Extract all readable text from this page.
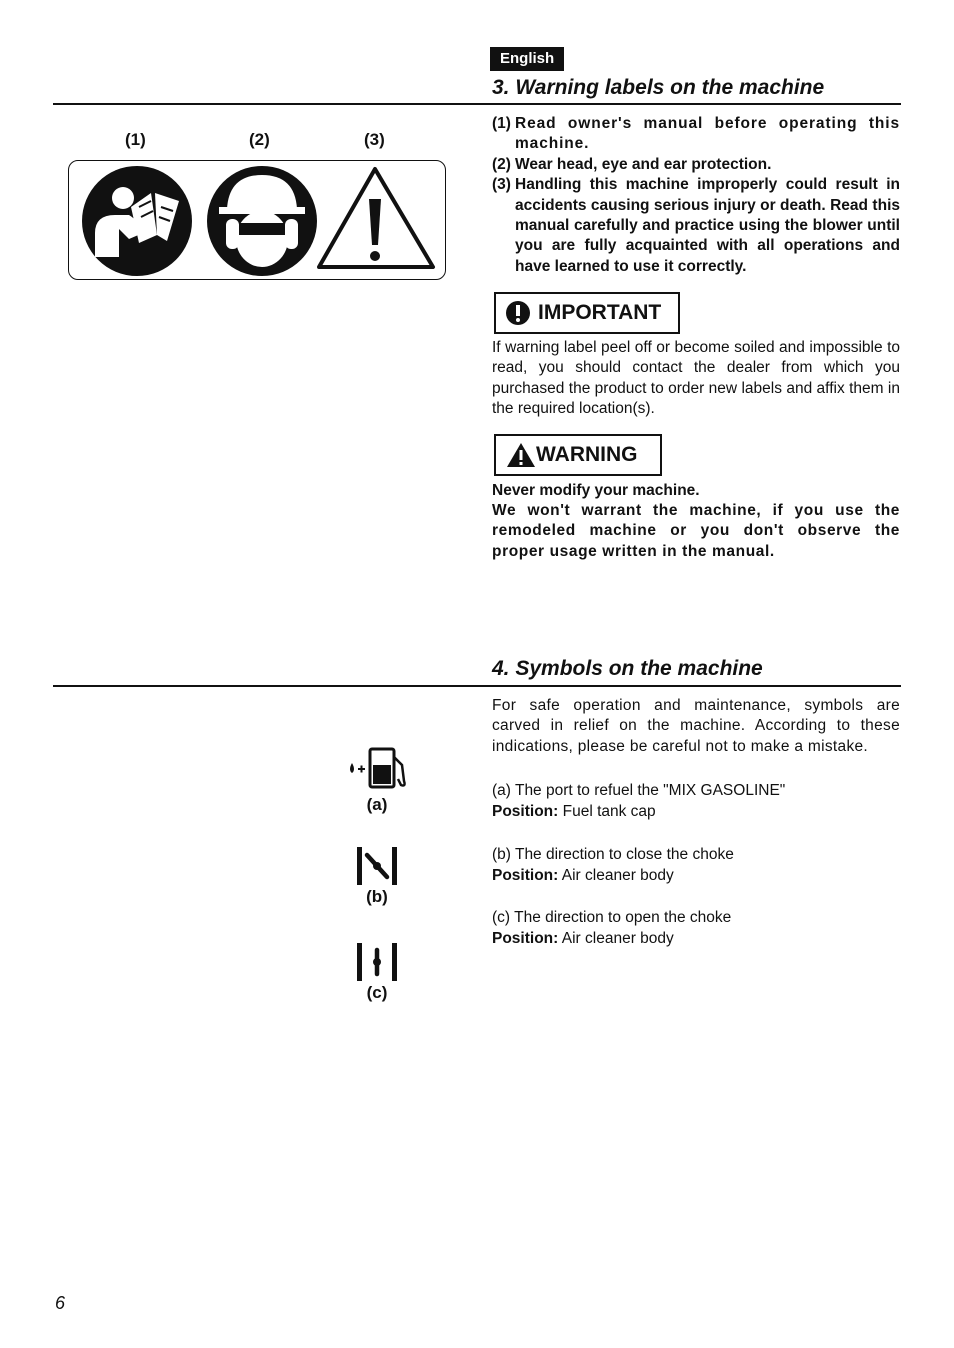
English
3. Warning labels on the machine
(1)	(2)	(3)
(1) Read owner's manual before operating this machine.
(2) Wear head, eye and ear protection.
(3) Handling this machine improperly could result in accidents causing serious injury or death. Read this manual carefully and practice using the blower until you are fully acquainted with all operations and have learned to use it correctly.
IMPORTANT
If warning label peel off or become soiled and impossible to read, you should contact the dealer from which you purchased the product to order new labels and affix them in the required location(s).
WARNING
Never modify your machine.
We won't warrant the machine, if you use the remodeled machine or you don't observe the proper usage written in the manual.
4. Symbols on the machine
For safe operation and maintenance, symbols are carved in relief on the machine. According to these indications, please be careful not to make a mistake.
(a) The port to refuel the "MIX GASOLINE"
Position: Fuel tank cap
(b) The direction to close the choke
Position: Air cleaner body
(c) The direction to open the choke
Position: Air cleaner body
(a)
(b)
(c)
6
